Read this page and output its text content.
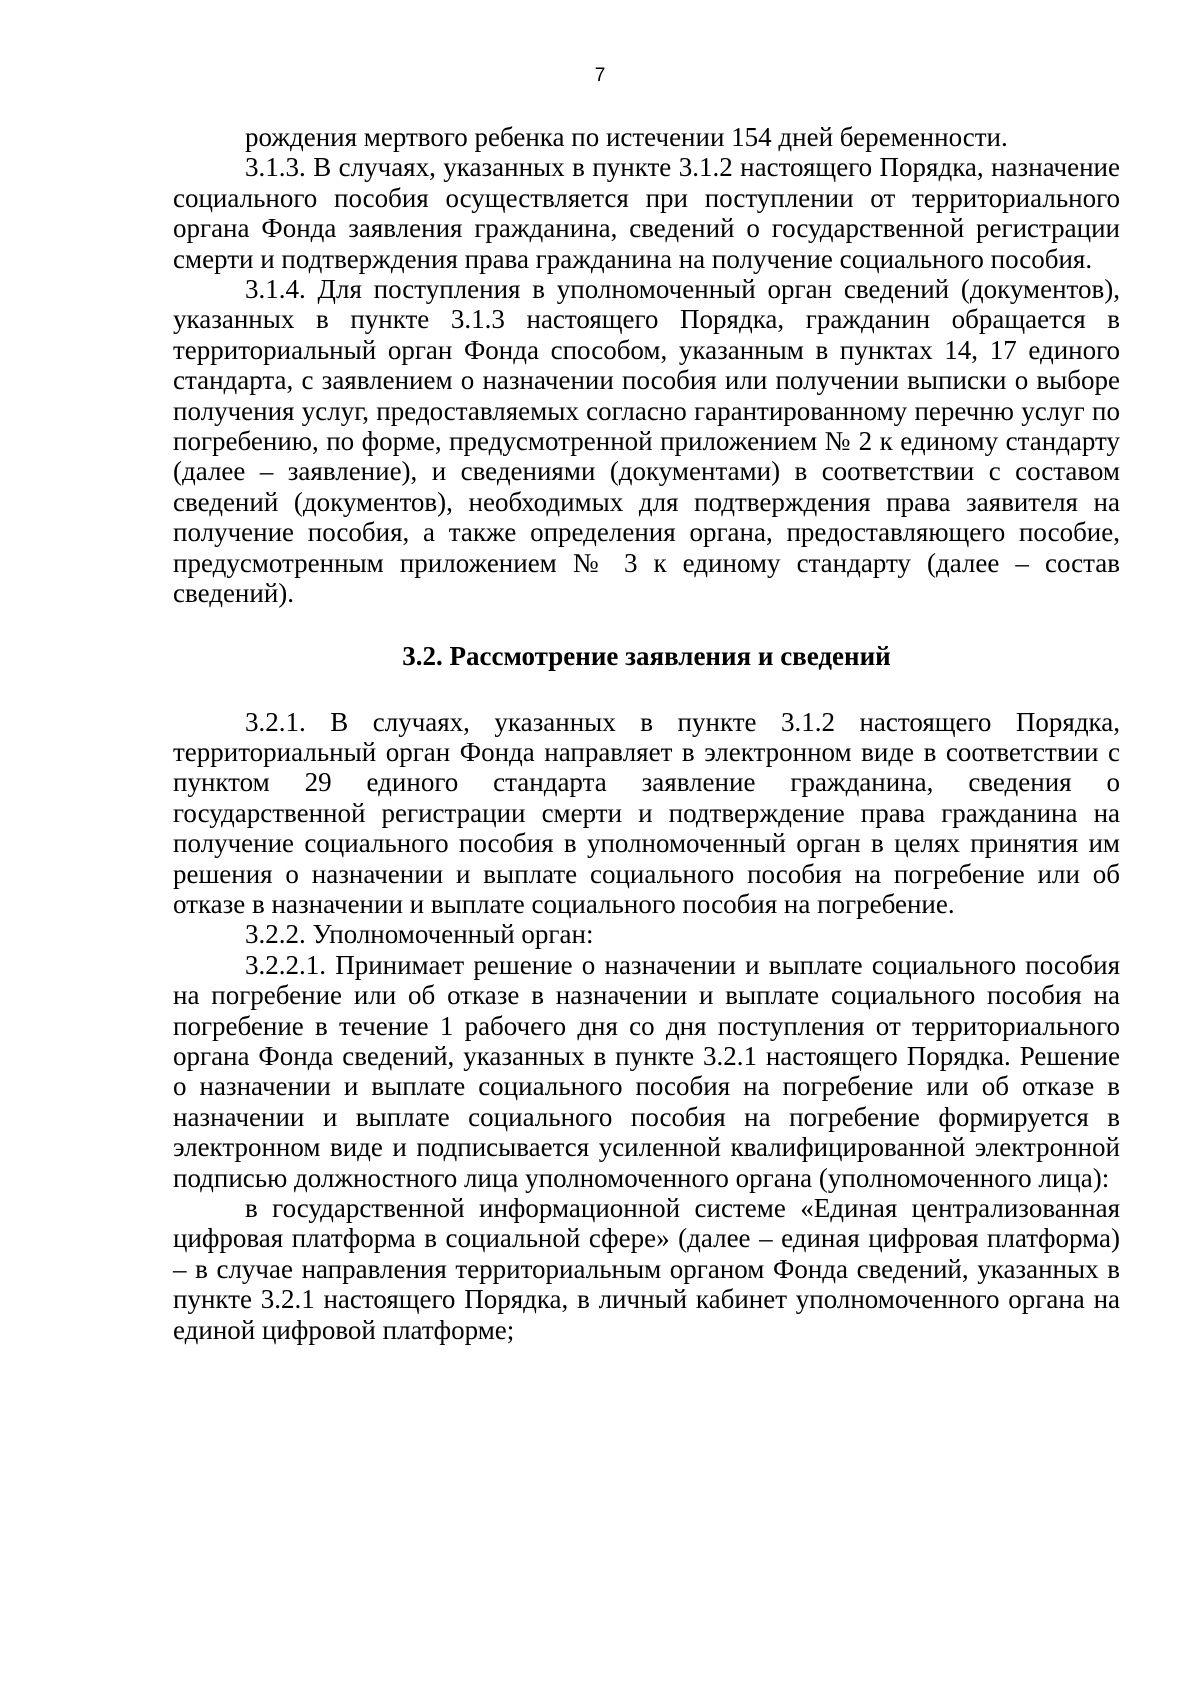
7

рождения мертвого ребенка по истечении 154 дней беременности.

3.1.3. В случаях, указанных в пункте 3.1.2 настоящего Порядка, назначение социального пособия осуществляется при поступлении от территориального органа Фонда заявления гражданина, сведений о государственной регистрации смерти и подтверждения права гражданина на получение социального пособия.

3.1.4. Для поступления в уполномоченный орган сведений (документов), указанных в пункте 3.1.3 настоящего Порядка, гражданин обращается в территориальный орган Фонда способом, указанным в пунктах 14, 17 единого стандарта, с заявлением о назначении пособия или получении выписки о выборе получения услуг, предоставляемых согласно гарантированному перечню услуг по погребению, по форме, предусмотренной приложением № 2 к единому стандарту (далее – заявление), и сведениями (документами) в соответствии с составом сведений (документов), необходимых для подтверждения права заявителя на получение пособия, а также определения органа, предоставляющего пособие, предусмотренным приложением № 3 к единому стандарту (далее – состав сведений).

3.2. Рассмотрение заявления и сведений

3.2.1. В случаях, указанных в пункте 3.1.2 настоящего Порядка, территориальный орган Фонда направляет в электронном виде в соответствии с пунктом 29 единого стандарта заявление гражданина, сведения о государственной регистрации смерти и подтверждение права гражданина на получение социального пособия в уполномоченный орган в целях принятия им решения о назначении и выплате социального пособия на погребение или об отказе в назначении и выплате социального пособия на погребение.

3.2.2. Уполномоченный орган:

3.2.2.1. Принимает решение о назначении и выплате социального пособия на погребение или об отказе в назначении и выплате социального пособия на погребение в течение 1 рабочего дня со дня поступления от территориального органа Фонда сведений, указанных в пункте 3.2.1 настоящего Порядка. Решение о назначении и выплате социального пособия на погребение или об отказе в назначении и выплате социального пособия на погребение формируется в электронном виде и подписывается усиленной квалифицированной электронной подписью должностного лица уполномоченного органа (уполномоченного лица):

в государственной информационной системе «Единая централизованная цифровая платформа в социальной сфере» (далее – единая цифровая платформа) – в случае направления территориальным органом Фонда сведений, указанных в пункте 3.2.1 настоящего Порядка, в личный кабинет уполномоченного органа на единой цифровой платформе;
